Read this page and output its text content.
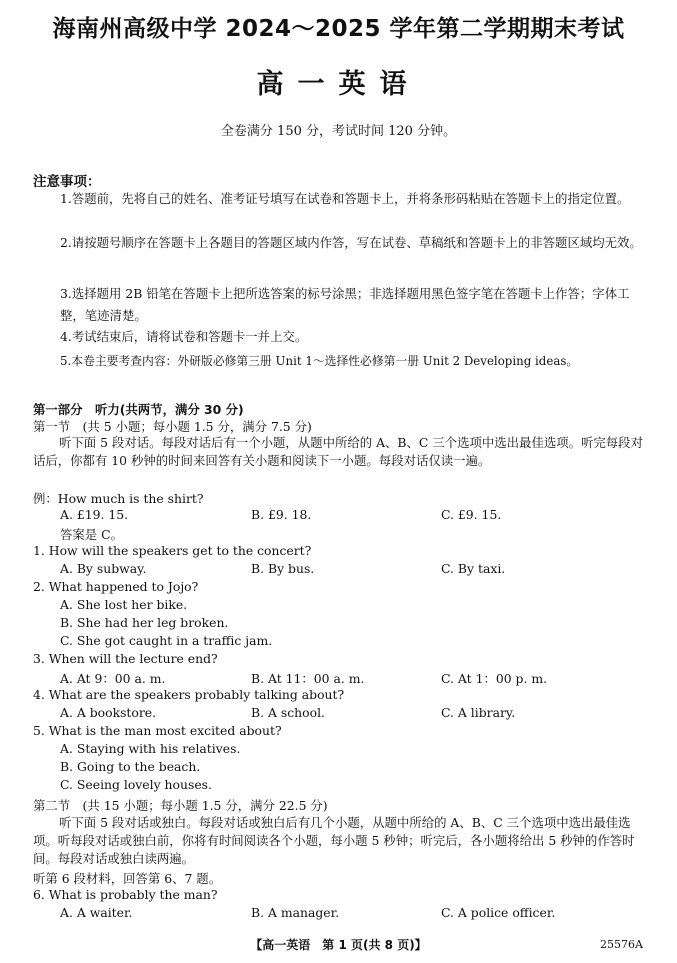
海南州高级中学 2024～2025 学年第二学期期末考试
高一英语
全卷满分 150 分，考试时间 120 分钟。
注意事项：
1.答题前，先将自己的姓名、准考证号填写在试卷和答题卡上，并将条形码粘贴在答题卡上的指定位置。
2.请按题号顺序在答题卡上各题目的答题区域内作答，写在试卷、草稿纸和答题卡上的非答题区域均无效。
3.选择题用 2B 铅笔在答题卡上把所选答案的标号涂黑；非选择题用黑色签字笔在答题卡上作答；字体工整，笔迹清楚。
4.考试结束后，请将试卷和答题卡一并上交。
5.本卷主要考查内容：外研版必修第三册 Unit 1～选择性必修第一册 Unit 2 Developing ideas。
第一部分　听力(共两节，满分 30 分)
第一节　(共 5 小题；每小题 1.5 分，满分 7.5 分)
听下面 5 段对话。每段对话后有一个小题，从题中所给的 A、B、C 三个选项中选出最佳选项。听完每段对话后，你都有 10 秒钟的时间来回答有关小题和阅读下一小题。每段对话仅读一遍。
例：How much is the shirt?
A. £19. 15.	B. £9. 18.	C. £9. 15.
答案是 C。
1. How will the speakers get to the concert?
A. By subway.	B. By bus.	C. By taxi.
2. What happened to Jojo?
A. She lost her bike.
B. She had her leg broken.
C. She got caught in a traffic jam.
3. When will the lecture end?
A. At 9：00 a. m.	B. At 11：00 a. m.	C. At 1：00 p. m.
4. What are the speakers probably talking about?
A. A bookstore.	B. A school.	C. A library.
5. What is the man most excited about?
A. Staying with his relatives.
B. Going to the beach.
C. Seeing lovely houses.
第二节　(共 15 小题；每小题 1.5 分，满分 22.5 分)
听下面 5 段对话或独白。每段对话或独白后有几个小题，从题中所给的 A、B、C 三个选项中选出最佳选项。听每段对话或独白前，你将有时间阅读各个小题，每小题 5 秒钟；听完后，各小题将给出 5 秒钟的作答时间。每段对话或独白读两遍。
听第 6 段材料，回答第 6、7 题。
6. What is probably the man?
A. A waiter.	B. A manager.	C. A police officer.
【高一英语　第 1 页(共 8 页)】	25576A
